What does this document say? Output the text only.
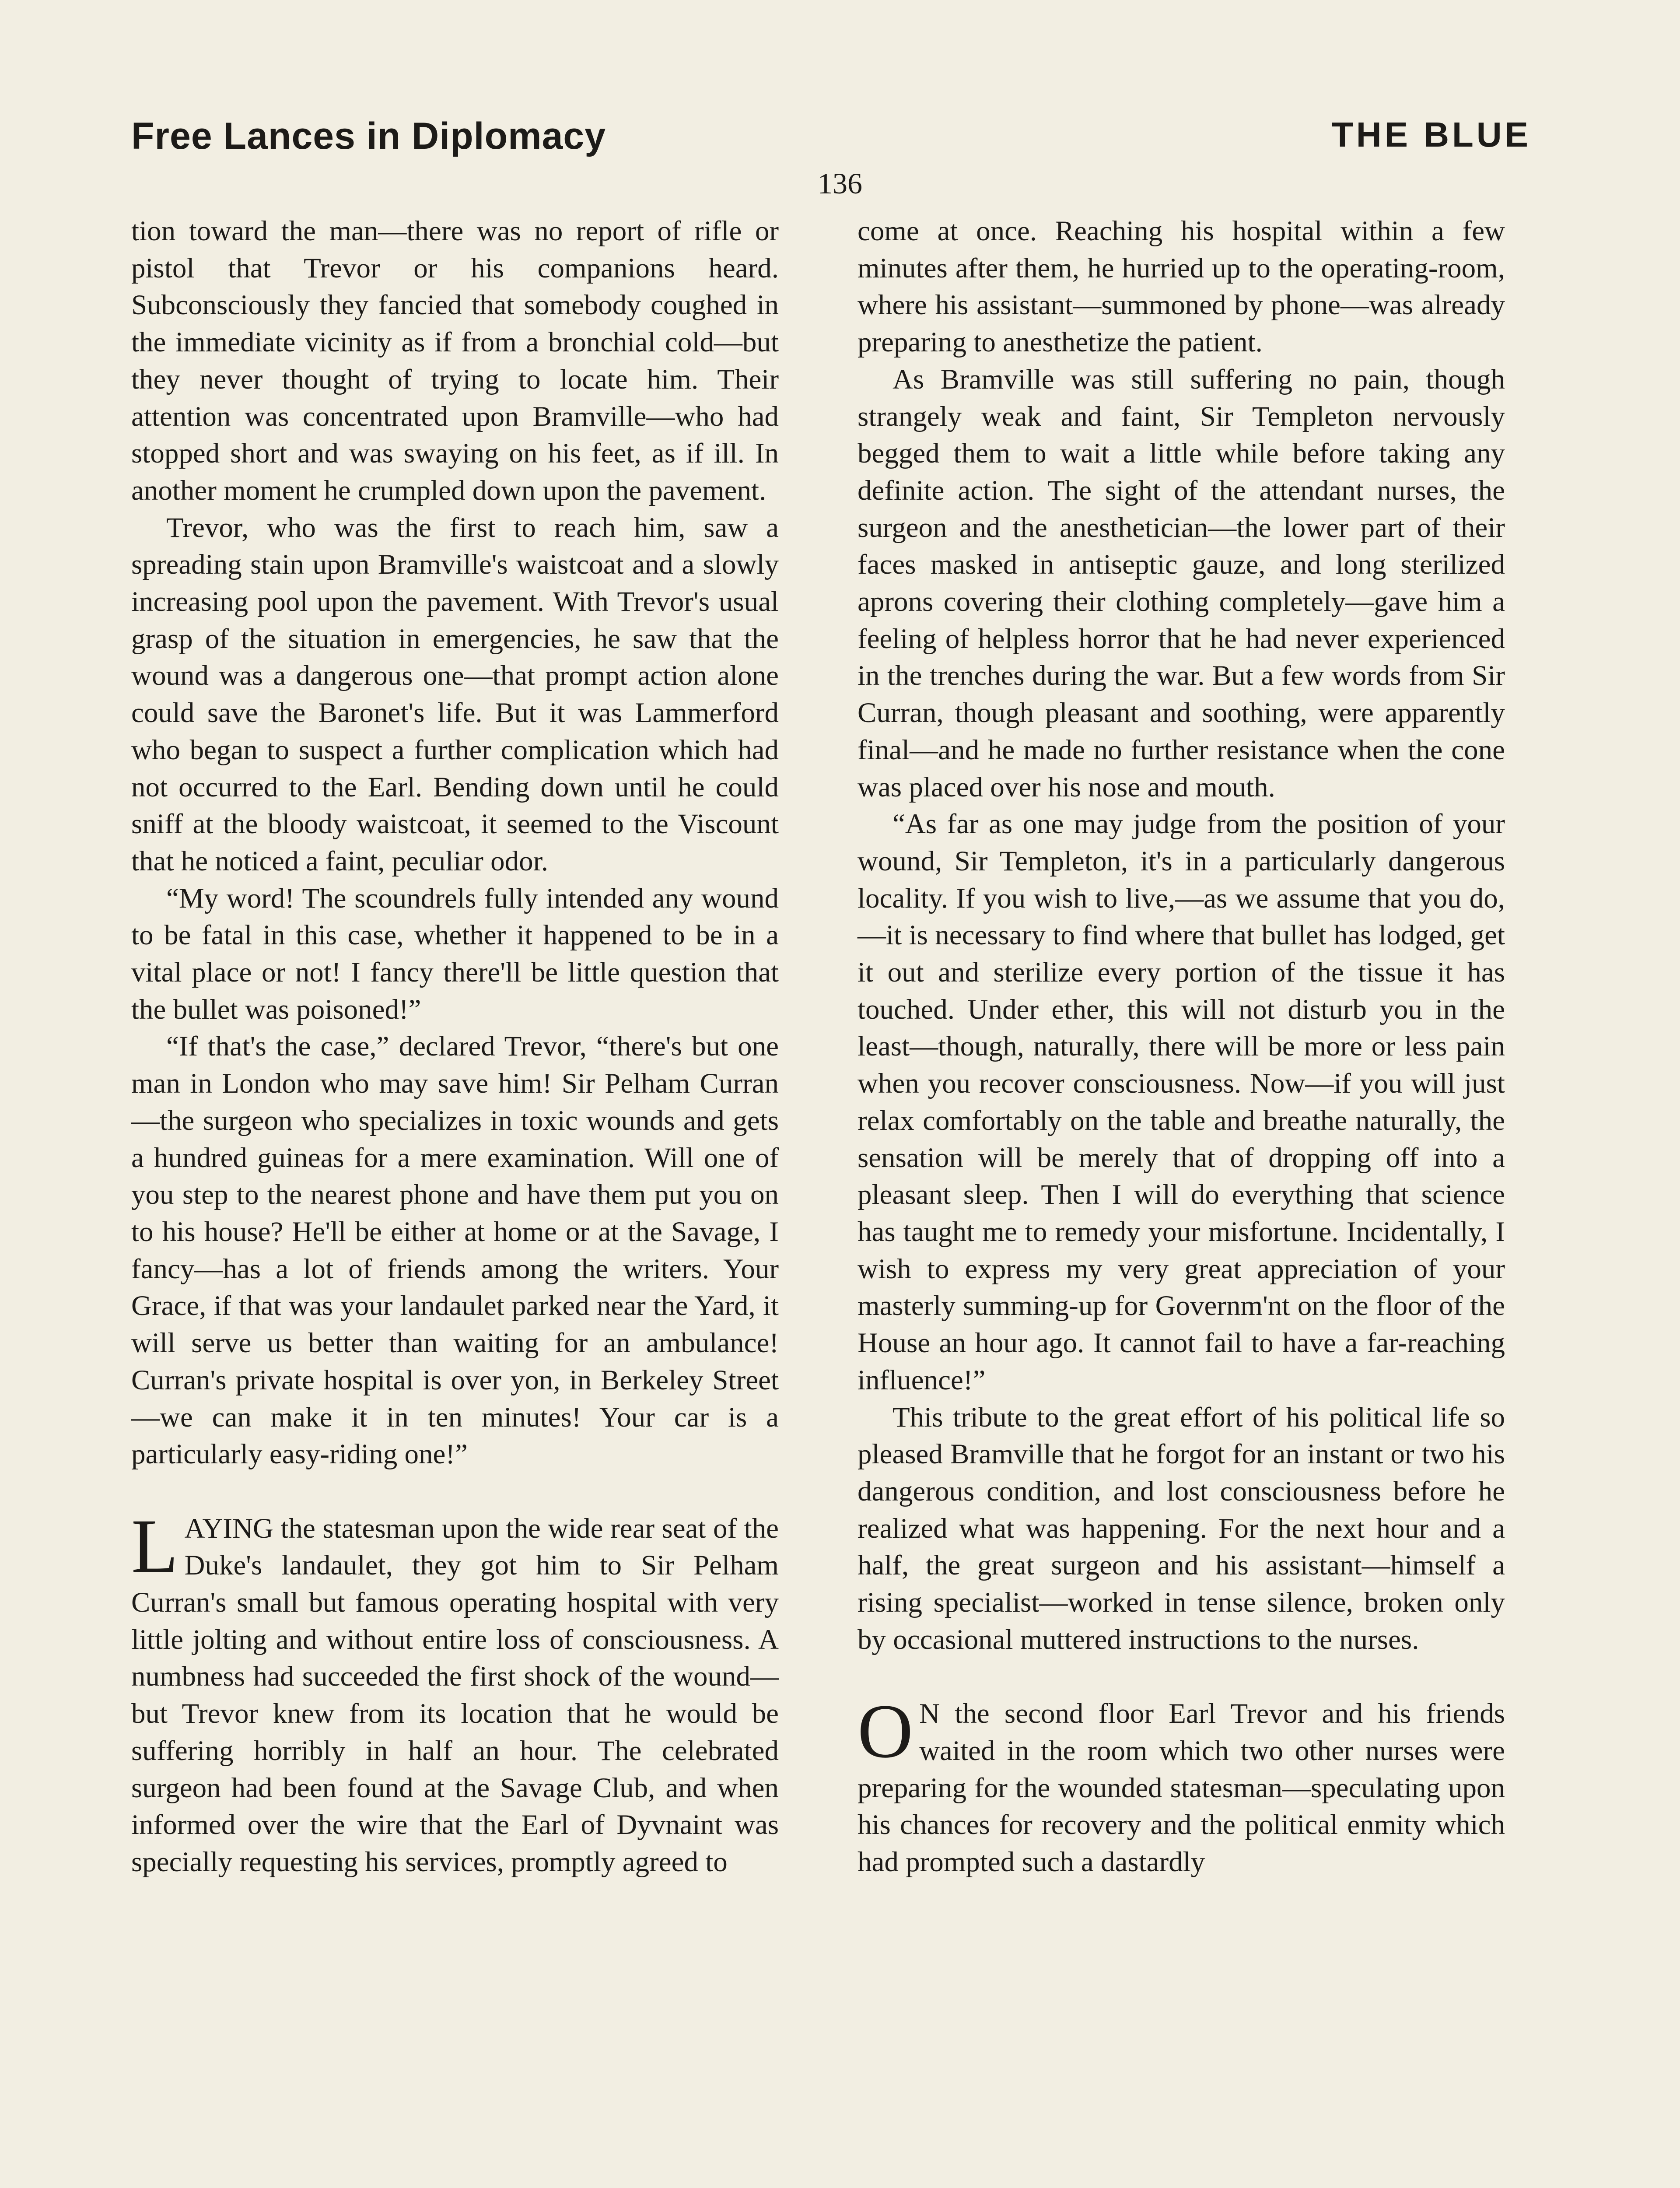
Free Lances in Diplomacy	THE BLUE
136

tion toward the man—there was no report of rifle or pistol that Trevor or his companions heard. Subconsciously they fancied that somebody coughed in the immediate vicinity as if from a bronchial cold—but they never thought of trying to locate him. Their attention was concentrated upon Bramville—who had stopped short and was swaying on his feet, as if ill. In another moment he crumpled down upon the pavement.

Trevor, who was the first to reach him, saw a spreading stain upon Bramville's waistcoat and a slowly increasing pool upon the pavement. With Trevor's usual grasp of the situation in emergencies, he saw that the wound was a dangerous one—that prompt action alone could save the Baronet's life. But it was Lammerford who began to suspect a further complication which had not occurred to the Earl. Bending down until he could sniff at the bloody waistcoat, it seemed to the Viscount that he noticed a faint, peculiar odor.

“My word! The scoundrels fully intended any wound to be fatal in this case, whether it happened to be in a vital place or not! I fancy there'll be little question that the bullet was poisoned!”

“If that's the case,” declared Trevor, “there's but one man in London who may save him! Sir Pelham Curran—the surgeon who specializes in toxic wounds and gets a hundred guineas for a mere examination. Will one of you step to the nearest phone and have them put you on to his house? He'll be either at home or at the Savage, I fancy—has a lot of friends among the writers. Your Grace, if that was your landaulet parked near the Yard, it will serve us better than waiting for an ambulance! Curran's private hospital is over yon, in Berkeley Street—we can make it in ten minutes! Your car is a particularly easy-riding one!”

LAYING the statesman upon the wide rear seat of the Duke's landaulet, they got him to Sir Pelham Curran's small but famous operating hospital with very little jolting and without entire loss of consciousness. A numbness had succeeded the first shock of the wound—but Trevor knew from its location that he would be suffering horribly in half an hour. The celebrated surgeon had been found at the Savage Club, and when informed over the wire that the Earl of Dyvnaint was specially requesting his services, promptly agreed to

come at once. Reaching his hospital within a few minutes after them, he hurried up to the operating-room, where his assistant—summoned by phone—was already preparing to anesthetize the patient.

As Bramville was still suffering no pain, though strangely weak and faint, Sir Templeton nervously begged them to wait a little while before taking any definite action. The sight of the attendant nurses, the surgeon and the anesthetician—the lower part of their faces masked in antiseptic gauze, and long sterilized aprons covering their clothing completely—gave him a feeling of helpless horror that he had never experienced in the trenches during the war. But a few words from Sir Curran, though pleasant and soothing, were apparently final—and he made no further resistance when the cone was placed over his nose and mouth.

“As far as one may judge from the position of your wound, Sir Templeton, it's in a particularly dangerous locality. If you wish to live,—as we assume that you do,—it is necessary to find where that bullet has lodged, get it out and sterilize every portion of the tissue it has touched. Under ether, this will not disturb you in the least—though, naturally, there will be more or less pain when you recover consciousness. Now—if you will just relax comfortably on the table and breathe naturally, the sensation will be merely that of dropping off into a pleasant sleep. Then I will do everything that science has taught me to remedy your misfortune. Incidentally, I wish to express my very great appreciation of your masterly summing-up for Governm'nt on the floor of the House an hour ago. It cannot fail to have a far-reaching influence!”

This tribute to the great effort of his political life so pleased Bramville that he forgot for an instant or two his dangerous condition, and lost consciousness before he realized what was happening. For the next hour and a half, the great surgeon and his assistant—himself a rising specialist—worked in tense silence, broken only by occasional muttered instructions to the nurses.

O N the second floor Earl Trevor and his friends waited in the room which two other nurses were preparing for the wounded statesman—speculating upon his chances for recovery and the political enmity which had prompted such a dastardly
